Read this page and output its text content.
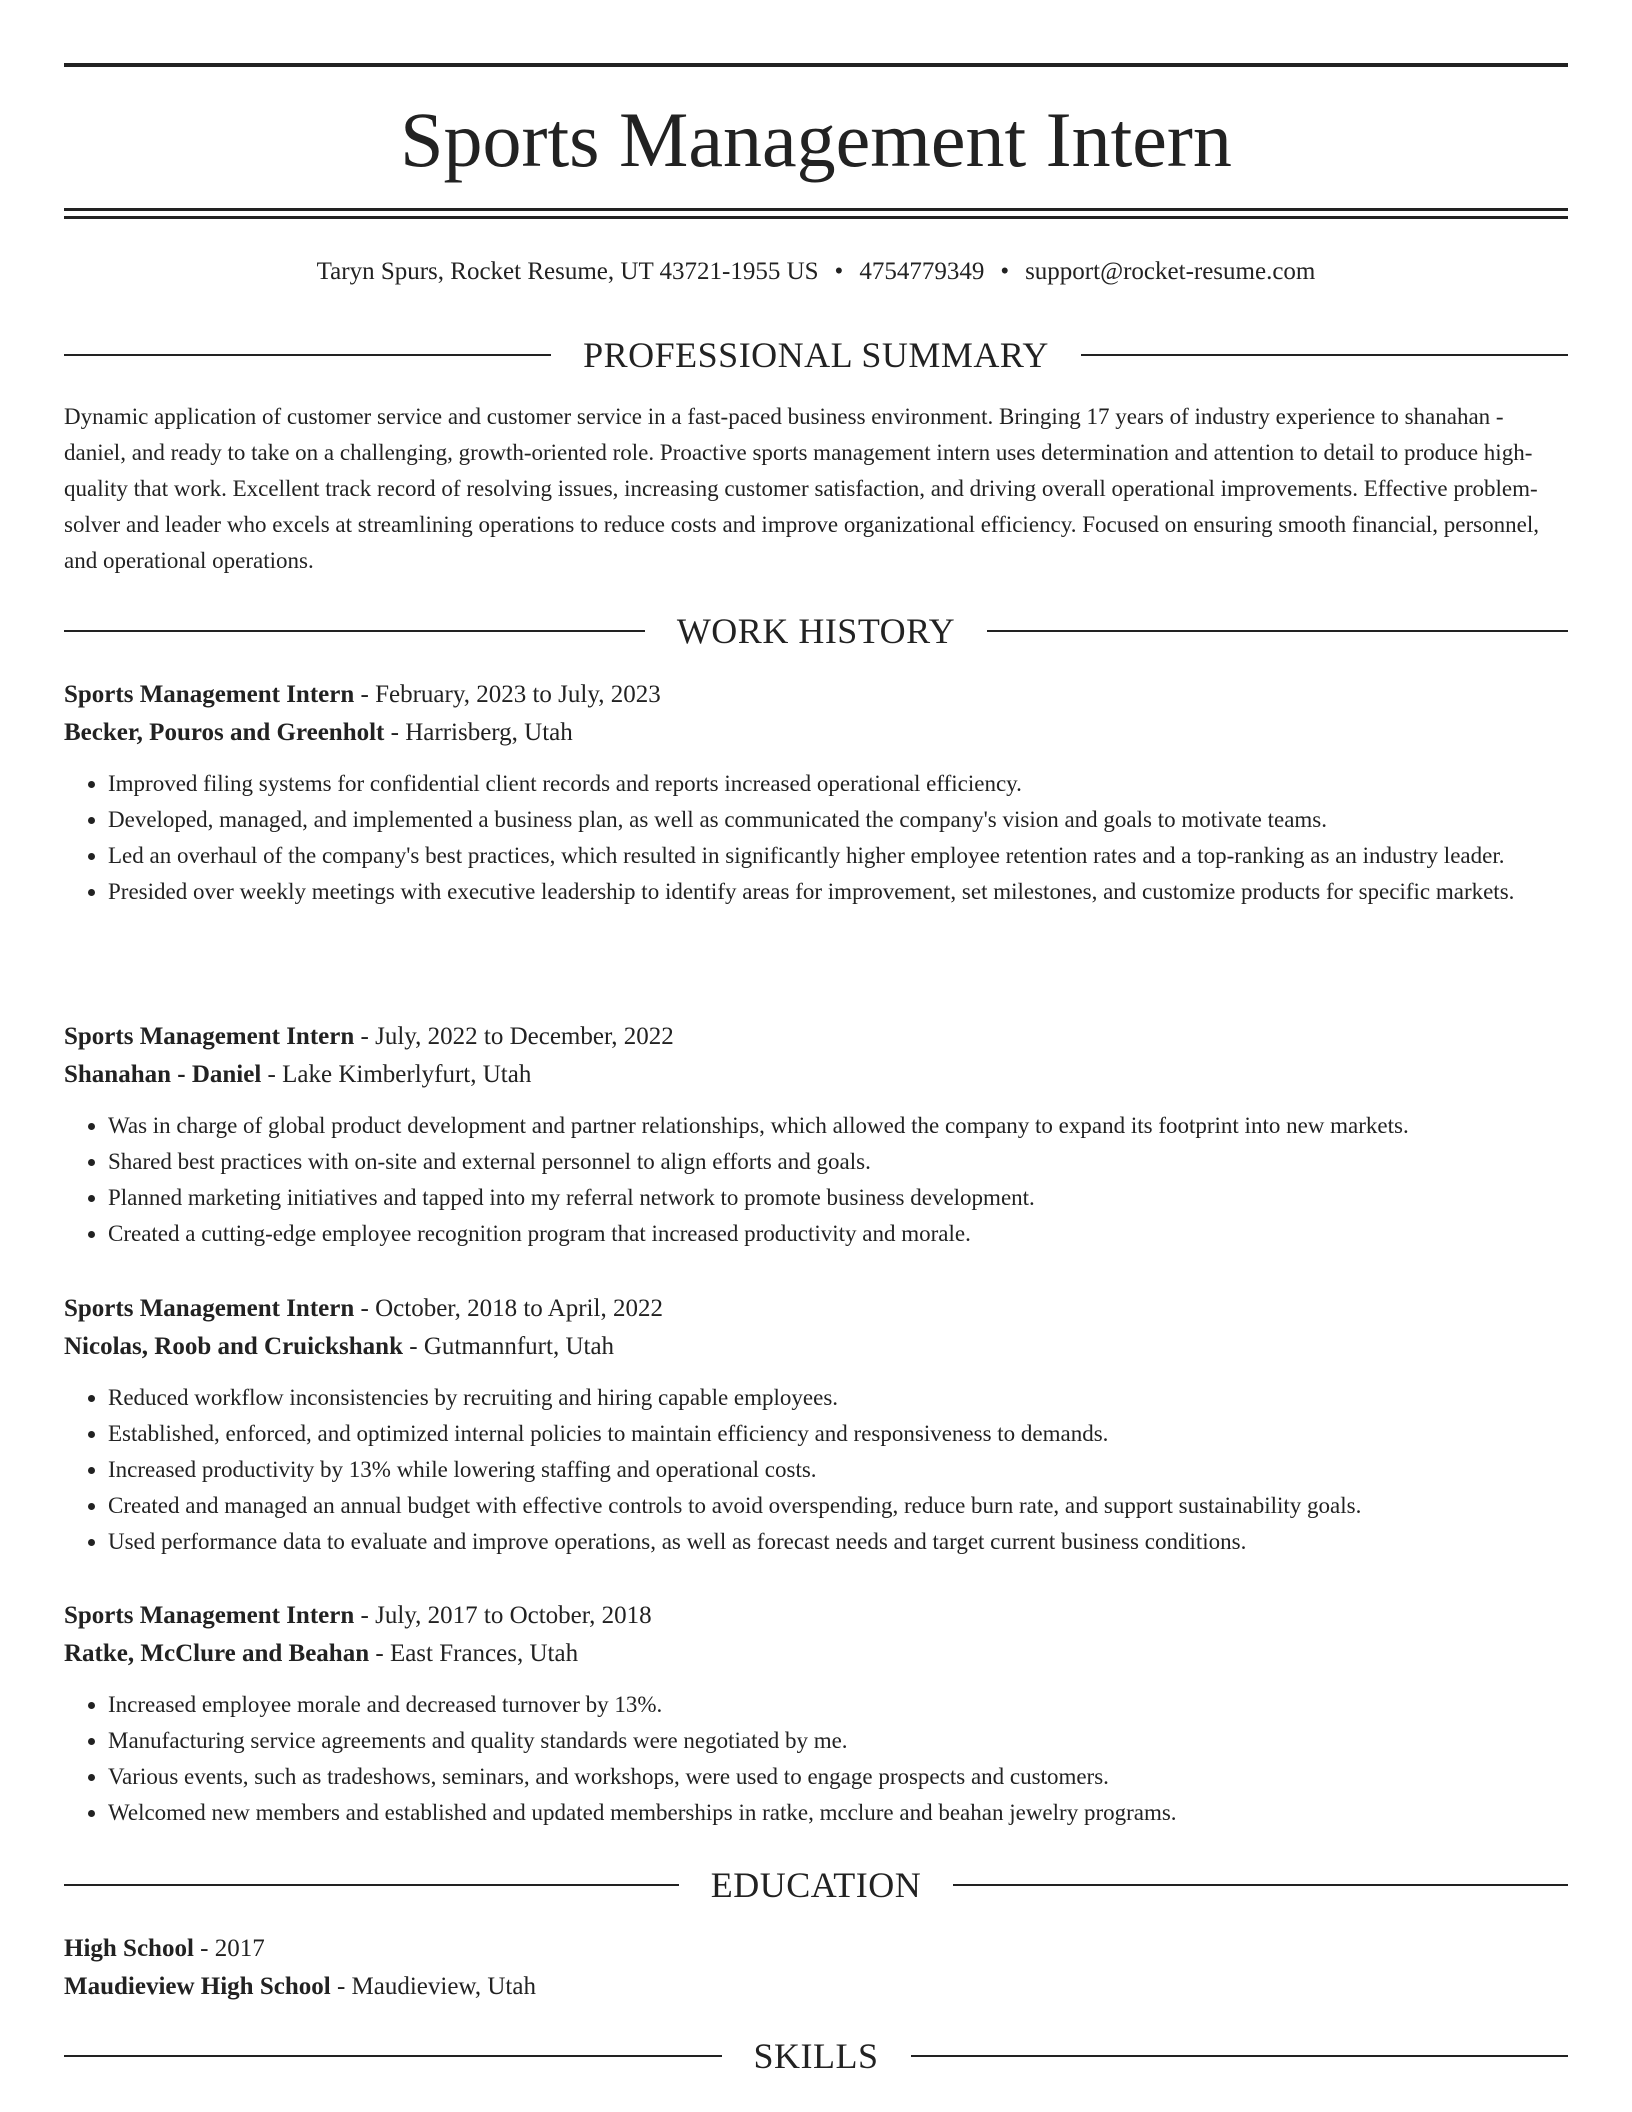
Sports Management Intern
Taryn Spurs, Rocket Resume, UT 43721-1955 US • 4754779349 • support@rocket-resume.com
PROFESSIONAL SUMMARY
Dynamic application of customer service and customer service in a fast-paced business environment. Bringing 17 years of industry experience to shanahan - daniel, and ready to take on a challenging, growth-oriented role. Proactive sports management intern uses determination and attention to detail to produce high-quality that work. Excellent track record of resolving issues, increasing customer satisfaction, and driving overall operational improvements. Effective problem-solver and leader who excels at streamlining operations to reduce costs and improve organizational efficiency. Focused on ensuring smooth financial, personnel, and operational operations.
WORK HISTORY
Sports Management Intern - February, 2023 to July, 2023
Becker, Pouros and Greenholt - Harrisberg, Utah
• Improved filing systems for confidential client records and reports increased operational efficiency.
• Developed, managed, and implemented a business plan, as well as communicated the company's vision and goals to motivate teams.
• Led an overhaul of the company's best practices, which resulted in significantly higher employee retention rates and a top-ranking as an industry leader.
• Presided over weekly meetings with executive leadership to identify areas for improvement, set milestones, and customize products for specific markets.
Sports Management Intern - July, 2022 to December, 2022
Shanahan - Daniel - Lake Kimberlyfurt, Utah
• Was in charge of global product development and partner relationships, which allowed the company to expand its footprint into new markets.
• Shared best practices with on-site and external personnel to align efforts and goals.
• Planned marketing initiatives and tapped into my referral network to promote business development.
• Created a cutting-edge employee recognition program that increased productivity and morale.
Sports Management Intern - October, 2018 to April, 2022
Nicolas, Roob and Cruickshank - Gutmannfurt, Utah
• Reduced workflow inconsistencies by recruiting and hiring capable employees.
• Established, enforced, and optimized internal policies to maintain efficiency and responsiveness to demands.
• Increased productivity by 13% while lowering staffing and operational costs.
• Created and managed an annual budget with effective controls to avoid overspending, reduce burn rate, and support sustainability goals.
• Used performance data to evaluate and improve operations, as well as forecast needs and target current business conditions.
Sports Management Intern - July, 2017 to October, 2018
Ratke, McClure and Beahan - East Frances, Utah
• Increased employee morale and decreased turnover by 13%.
• Manufacturing service agreements and quality standards were negotiated by me.
• Various events, such as tradeshows, seminars, and workshops, were used to engage prospects and customers.
• Welcomed new members and established and updated memberships in ratke, mcclure and beahan jewelry programs.
EDUCATION
High School - 2017
Maudieview High School - Maudieview, Utah
SKILLS
